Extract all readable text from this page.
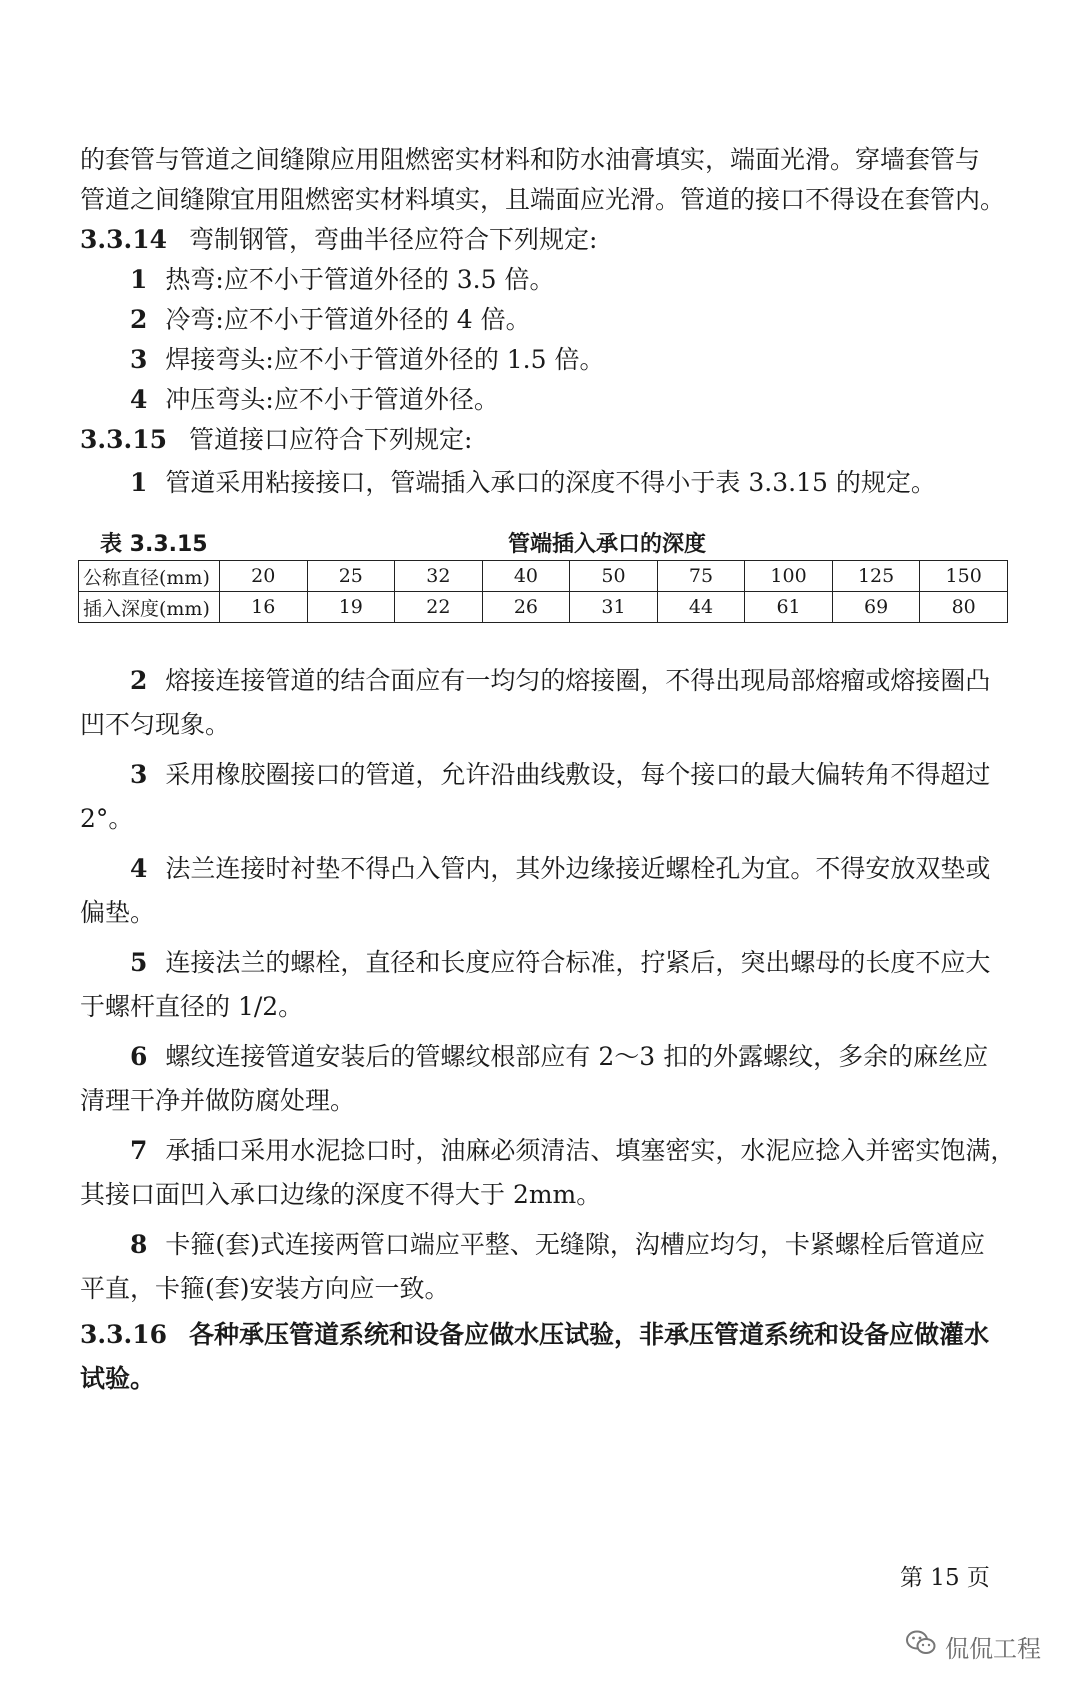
的套管与管道之间缝隙应用阻燃密实材料和防水油膏填实，端面光滑。穿墙套管与
管道之间缝隙宜用阻燃密实材料填实，且端面应光滑。管道的接口不得设在套管内。
3.3.14 弯制钢管，弯曲半径应符合下列规定:
1 热弯:应不小于管道外径的 3.5 倍。
2 冷弯:应不小于管道外径的 4 倍。
3 焊接弯头:应不小于管道外径的 1.5 倍。
4 冲压弯头:应不小于管道外径。
3.3.15 管道接口应符合下列规定:
1 管道采用粘接接口，管端插入承口的深度不得小于表 3.3.15 的规定。
表 3.3.15	管端插入承口的深度
公称直径(mm)	20	25	32	40	50	75	100	125	150
插入深度(mm)	16	19	22	26	31	44	61	69	80
2 熔接连接管道的结合面应有一均匀的熔接圈，不得出现局部熔瘤或熔接圈凸
凹不匀现象。
3 采用橡胶圈接口的管道，允许沿曲线敷设，每个接口的最大偏转角不得超过
2°。
4 法兰连接时衬垫不得凸入管内，其外边缘接近螺栓孔为宜。不得安放双垫或
偏垫。
5 连接法兰的螺栓，直径和长度应符合标准，拧紧后，突出螺母的长度不应大
于螺杆直径的 1/2。
6 螺纹连接管道安装后的管螺纹根部应有 2～3 扣的外露螺纹，多余的麻丝应
清理干净并做防腐处理。
7 承插口采用水泥捻口时，油麻必须清洁、填塞密实，水泥应捻入并密实饱满，
其接口面凹入承口边缘的深度不得大于 2mm。
8 卡箍(套)式连接两管口端应平整、无缝隙，沟槽应均匀，卡紧螺栓后管道应
平直，卡箍(套)安装方向应一致。
3.3.16 各种承压管道系统和设备应做水压试验，非承压管道系统和设备应做灌水
试验。
第 15 页
侃侃工程
